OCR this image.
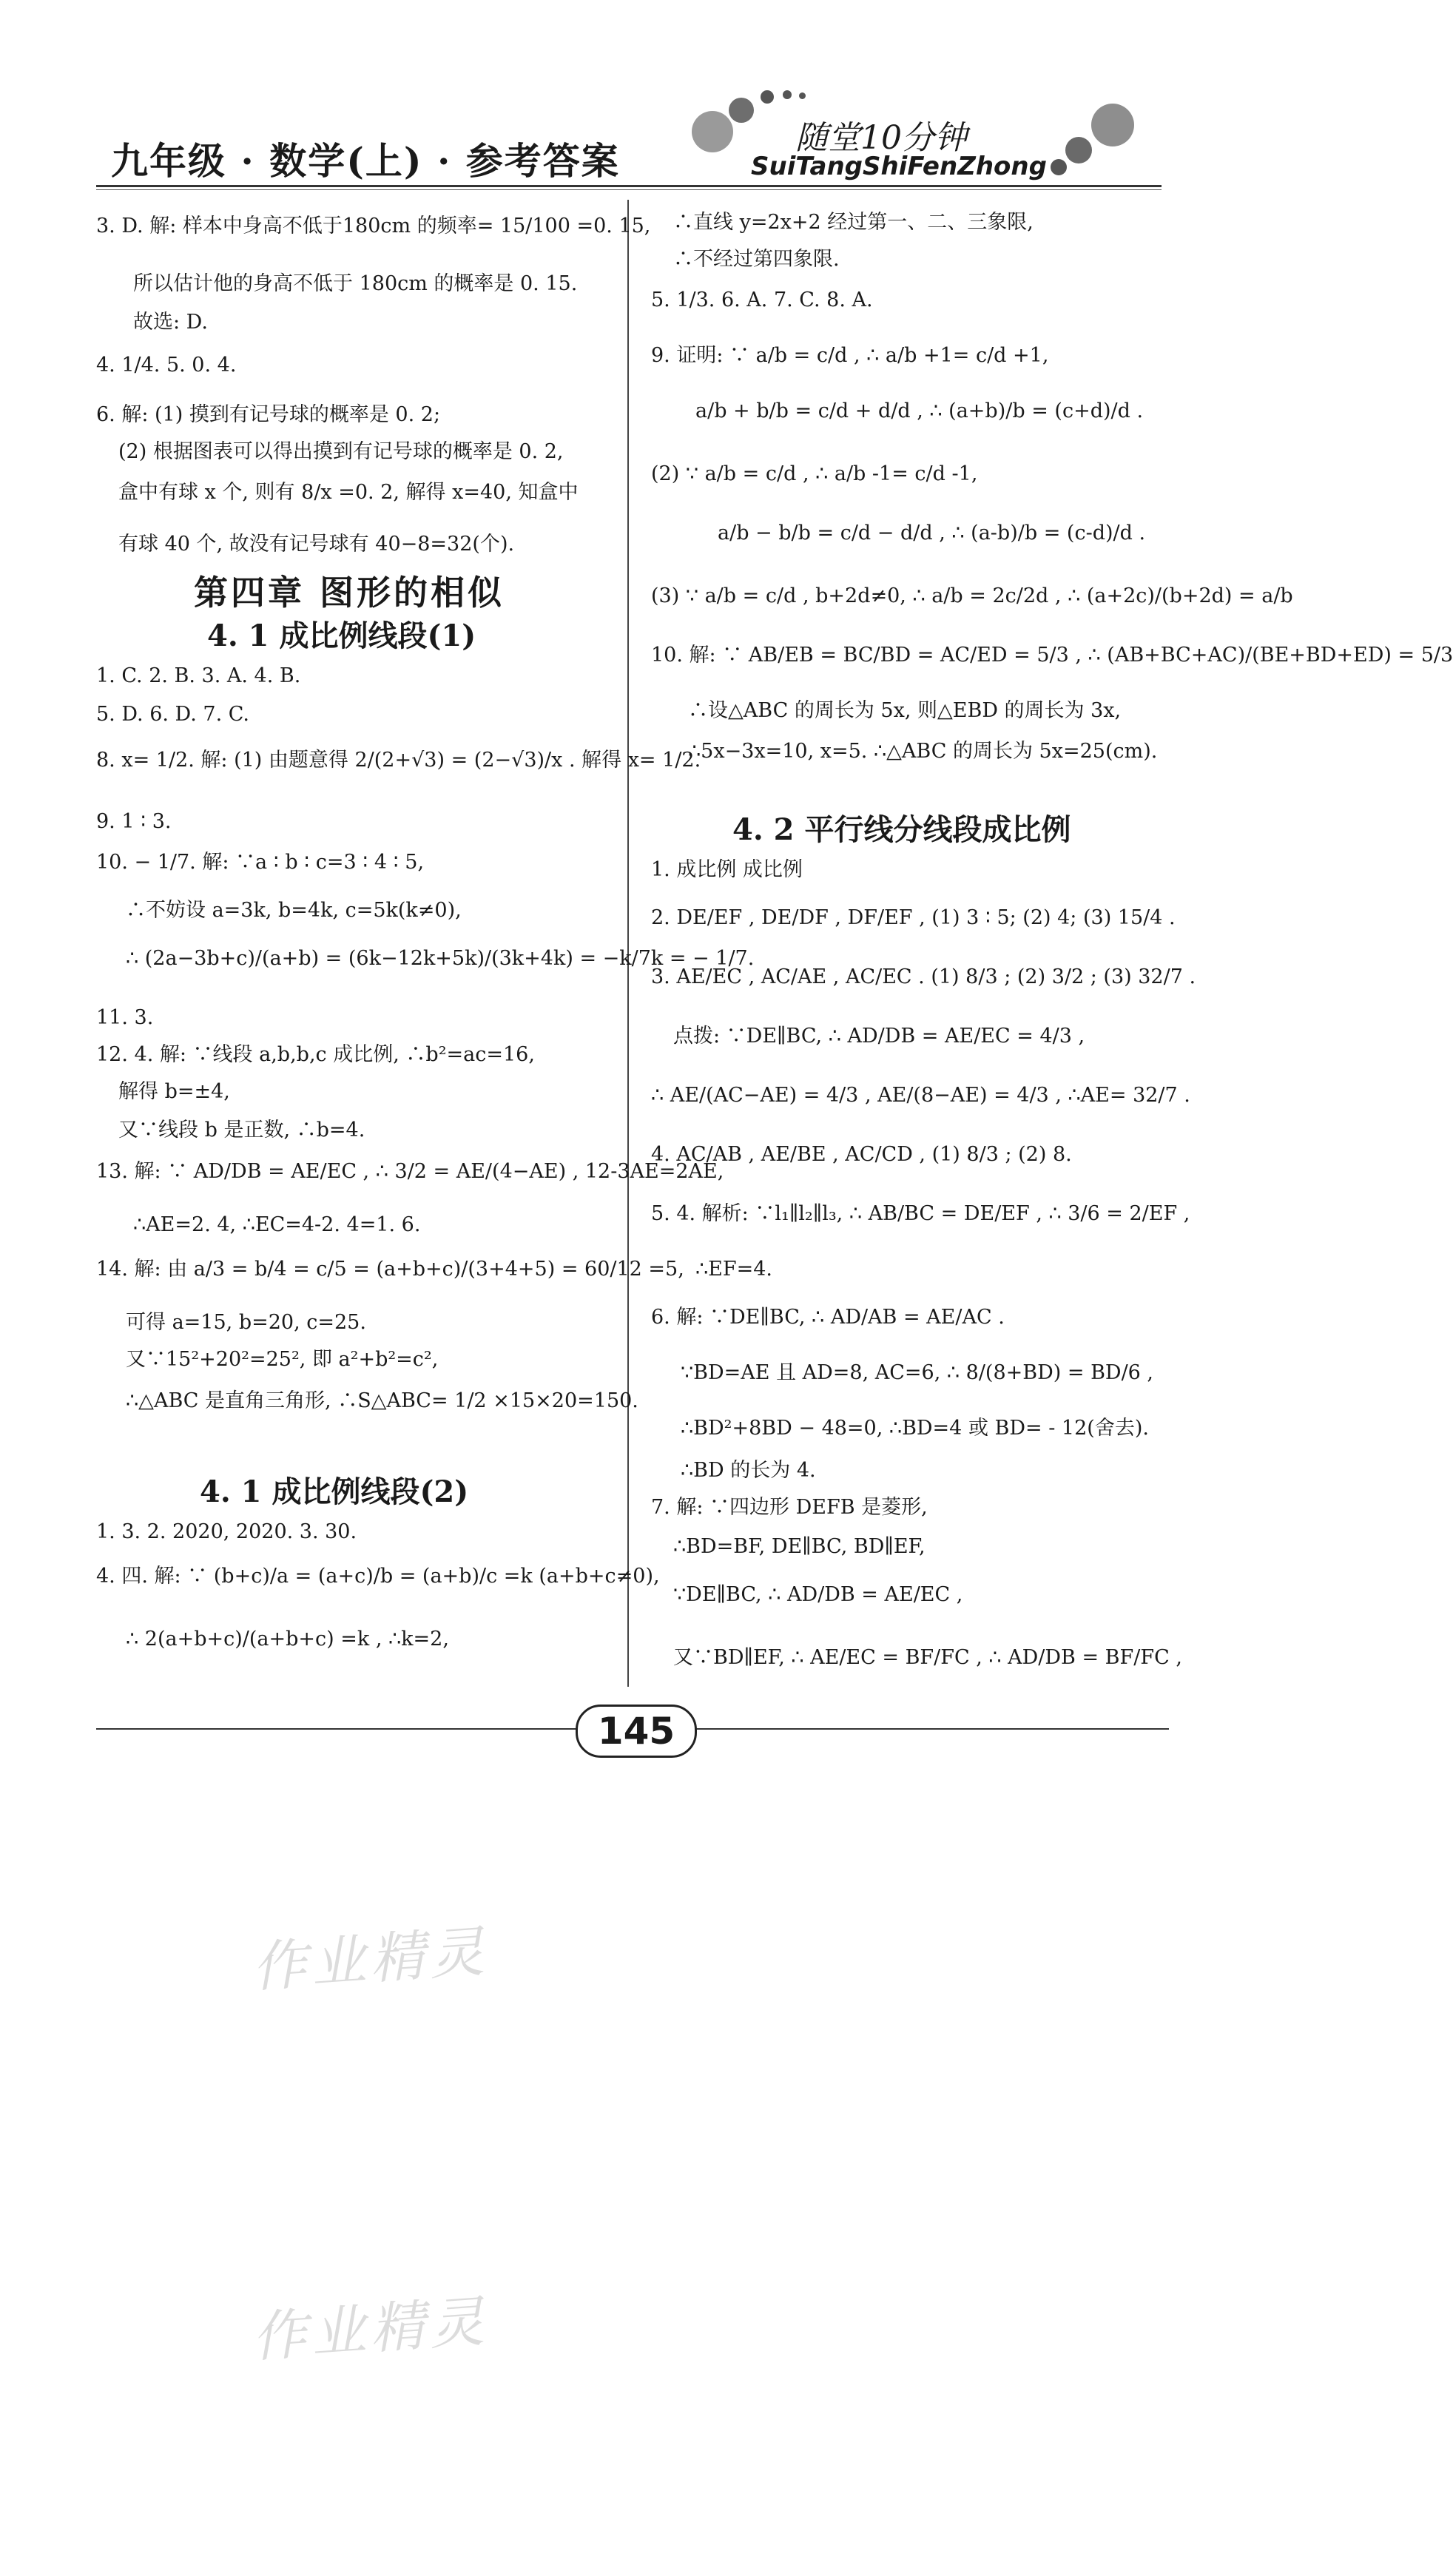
九年级 · 数学(上) · 参考答案
随堂10分钟
SuiTangShiFenZhong
3. D. 解: 样本中身高不低于180cm 的频率= 15/100 =0. 15,
所以估计他的身高不低于 180cm 的概率是 0. 15.
故选: D.
4. 1/4. 5. 0. 4.
6. 解: (1) 摸到有记号球的概率是 0. 2;
(2) 根据图表可以得出摸到有记号球的概率是 0. 2,
盒中有球 x 个, 则有 8/x =0. 2, 解得 x=40, 知盒中
有球 40 个, 故没有记号球有 40−8=32(个).
第四章 图形的相似
4. 1 成比例线段(1)
1. C. 2. B. 3. A. 4. B.
5. D. 6. D. 7. C.
8. x= 1/2. 解: (1) 由题意得 2/(2+√3) = (2−√3)/x . 解得 x= 1/2.
9. 1 ∶ 3.
10. − 1/7. 解: ∵a ∶ b ∶ c=3 ∶ 4 ∶ 5,
∴不妨设 a=3k, b=4k, c=5k(k≠0),
∴ (2a−3b+c)/(a+b) = (6k−12k+5k)/(3k+4k) = −k/7k = − 1/7.
11. 3.
12. 4. 解: ∵线段 a,b,b,c 成比例, ∴b²=ac=16,
解得 b=±4,
又∵线段 b 是正数, ∴b=4.
13. 解: ∵ AD/DB = AE/EC , ∴ 3/2 = AE/(4−AE) , 12-3AE=2AE,
∴AE=2. 4, ∴EC=4-2. 4=1. 6.
14. 解: 由 a/3 = b/4 = c/5 = (a+b+c)/(3+4+5) = 60/12 =5,
可得 a=15, b=20, c=25.
又∵15²+20²=25², 即 a²+b²=c²,
∴△ABC 是直角三角形, ∴S△ABC= 1/2 ×15×20=150.
4. 1 成比例线段(2)
1. 3. 2. 2020, 2020. 3. 30.
4. 四. 解: ∵ (b+c)/a = (a+c)/b = (a+b)/c =k (a+b+c≠0),
∴ 2(a+b+c)/(a+b+c) =k , ∴k=2,
∴直线 y=2x+2 经过第一、二、三象限,
∴不经过第四象限.
5. 1/3. 6. A. 7. C. 8. A.
9. 证明: ∵ a/b = c/d , ∴ a/b +1= c/d +1,
a/b + b/b = c/d + d/d , ∴ (a+b)/b = (c+d)/d .
(2) ∵ a/b = c/d , ∴ a/b -1= c/d -1,
a/b − b/b = c/d − d/d , ∴ (a-b)/b = (c-d)/d .
(3) ∵ a/b = c/d , b+2d≠0, ∴ a/b = 2c/2d , ∴ (a+2c)/(b+2d) = a/b
10. 解: ∵ AB/EB = BC/BD = AC/ED = 5/3 , ∴ (AB+BC+AC)/(BE+BD+ED) = 5/3
∴设△ABC 的周长为 5x, 则△EBD 的周长为 3x,
∴5x−3x=10, x=5. ∴△ABC 的周长为 5x=25(cm).
4. 2 平行线分线段成比例
1. 成比例 成比例
2. DE/EF , DE/DF , DF/EF , (1) 3 ∶ 5; (2) 4; (3) 15/4 .
3. AE/EC , AC/AE , AC/EC . (1) 8/3 ; (2) 3/2 ; (3) 32/7 .
点拨: ∵DE∥BC, ∴ AD/DB = AE/EC = 4/3 ,
∴ AE/(AC−AE) = 4/3 , AE/(8−AE) = 4/3 , ∴AE= 32/7 .
4. AC/AB , AE/BE , AC/CD , (1) 8/3 ; (2) 8.
5. 4. 解析: ∵l₁∥l₂∥l₃, ∴ AB/BC = DE/EF , ∴ 3/6 = 2/EF ,
∴EF=4.
6. 解: ∵DE∥BC, ∴ AD/AB = AE/AC .
∵BD=AE 且 AD=8, AC=6, ∴ 8/(8+BD) = BD/6 ,
∴BD²+8BD − 48=0, ∴BD=4 或 BD= - 12(舍去).
∴BD 的长为 4.
7. 解: ∵四边形 DEFB 是菱形,
∴BD=BF, DE∥BC, BD∥EF,
∵DE∥BC, ∴ AD/DB = AE/EC ,
又∵BD∥EF, ∴ AE/EC = BF/FC , ∴ AD/DB = BF/FC ,
145
作业精灵
作业精灵
